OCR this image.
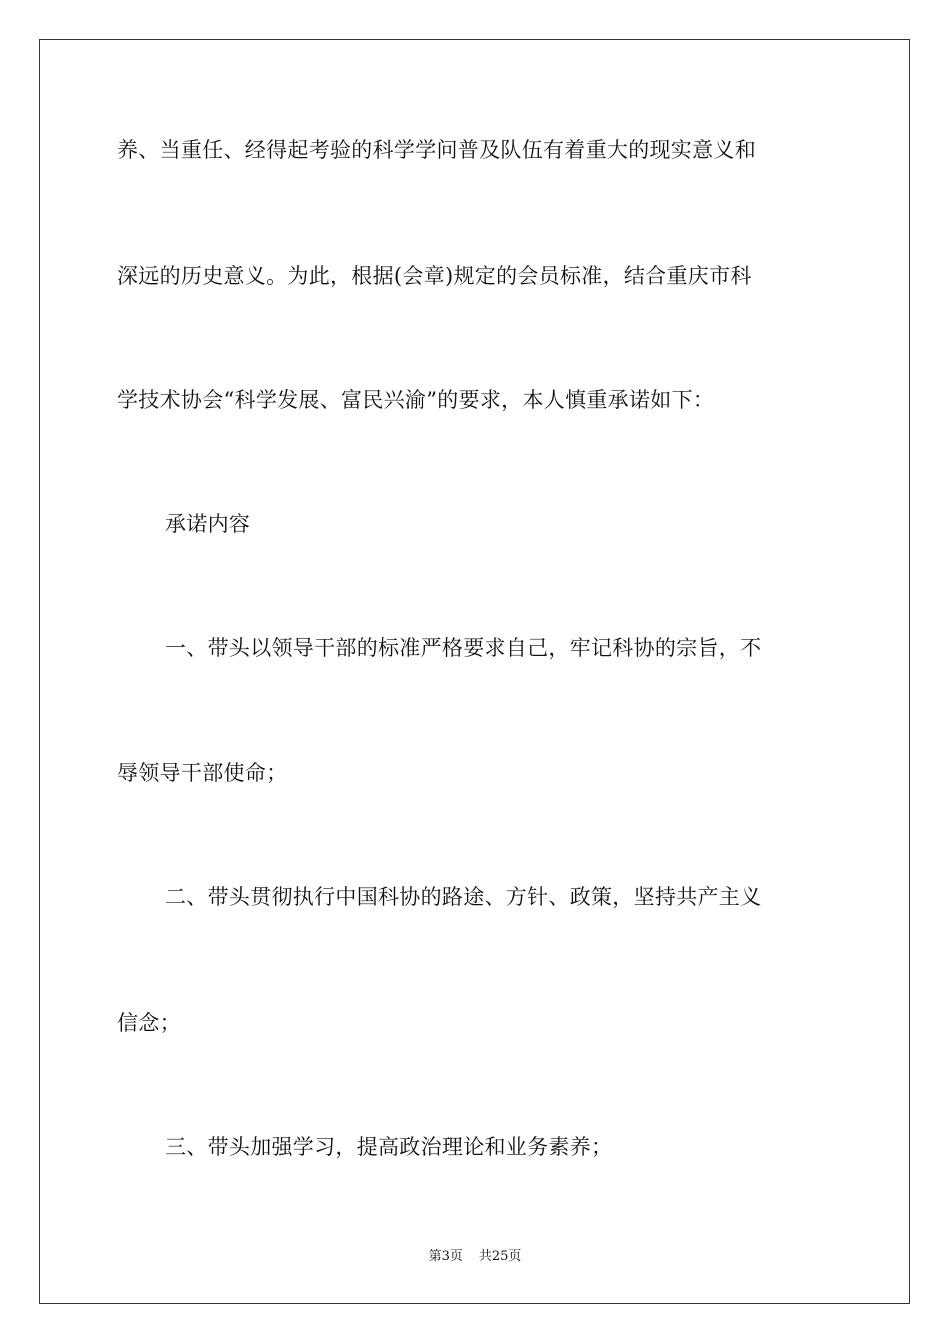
养、当重任、经得起考验的科学学问普及队伍有着重大的现实意义和
深远的历史意义。为此，根据(会章)规定的会员标准，结合重庆市科
学技术协会“科学发展、富民兴渝”的要求，本人慎重承诺如下：
承诺内容
一、带头以领导干部的标准严格要求自己，牢记科协的宗旨，不
辱领导干部使命；
二、带头贯彻执行中国科协的路途、方针、政策，坚持共产主义
信念；
三、带头加强学习，提高政治理论和业务素养；
第3页 共25页
